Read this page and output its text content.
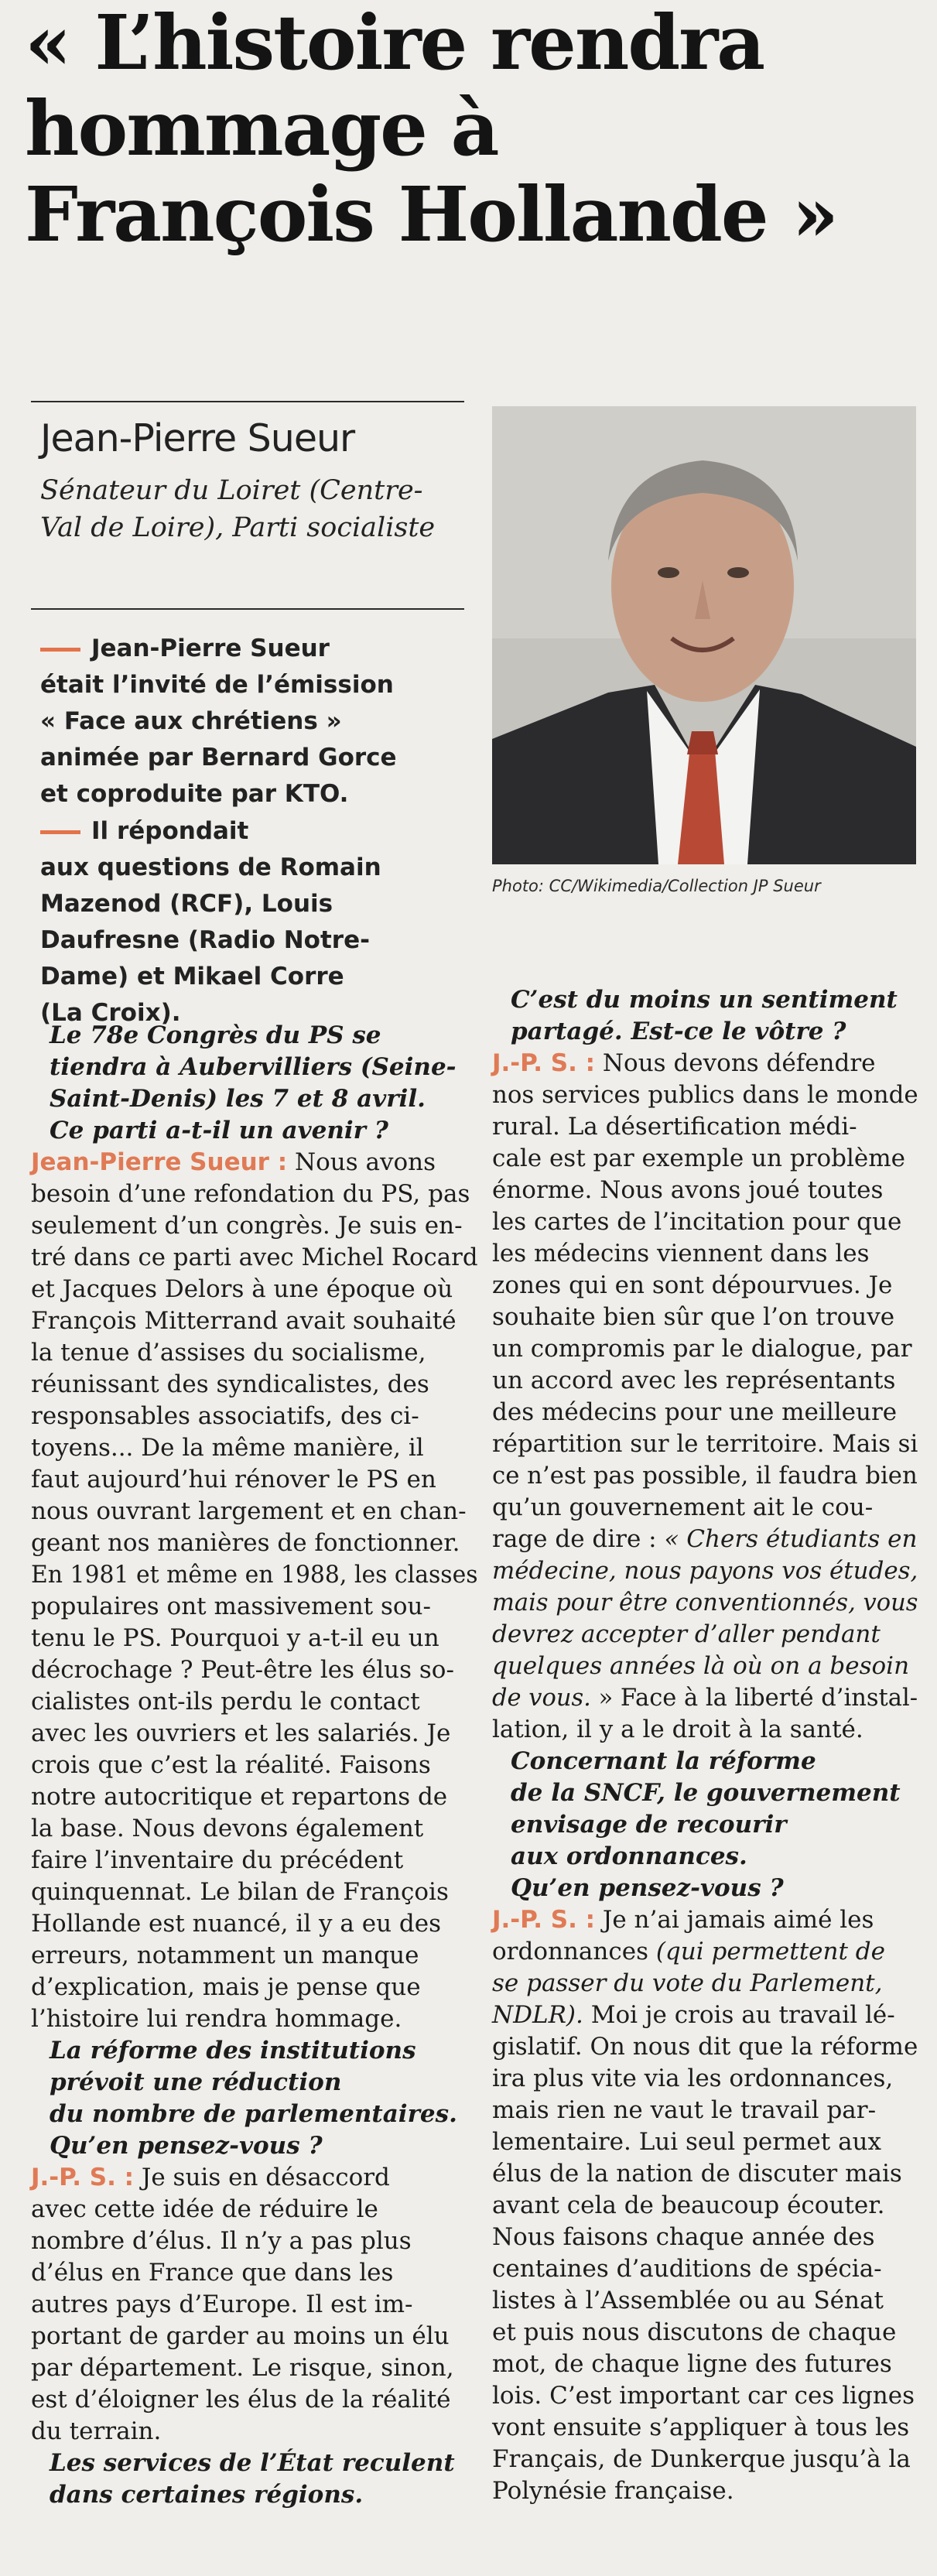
« L’histoire rendra
hommage à
François Hollande »
Jean-Pierre Sueur
Sénateur du Loiret (Centre-
Val de Loire), Parti socialiste
Jean-Pierre Sueur
était l’invité de l’émission
« Face aux chrétiens »
animée par Bernard Gorce
et coproduite par KTO.
Il répondait
aux questions de Romain
Mazenod (RCF), Louis
Daufresne (Radio Notre-
Dame) et Mikael Corre
(La Croix).
Photo: CC/Wikimedia/Collection JP Sueur
Le 78e Congrès du PS se
tiendra à Aubervilliers (Seine-
Saint-Denis) les 7 et 8 avril.
Ce parti a-t-il un avenir ?
Jean-Pierre Sueur : Nous avons
besoin d’une refondation du PS, pas
seulement d’un congrès. Je suis en-
tré dans ce parti avec Michel Rocard
et Jacques Delors à une époque où
François Mitterrand avait souhaité
la tenue d’assises du socialisme,
réunissant des syndicalistes, des
responsables associatifs, des ci-
toyens... De la même manière, il
faut aujourd’hui rénover le PS en
nous ouvrant largement et en chan-
geant nos manières de fonctionner.
En 1981 et même en 1988, les classes
populaires ont massivement sou-
tenu le PS. Pourquoi y a-t-il eu un
décrochage ? Peut-être les élus so-
cialistes ont-ils perdu le contact
avec les ouvriers et les salariés. Je
crois que c’est la réalité. Faisons
notre autocritique et repartons de
la base. Nous devons également
faire l’inventaire du précédent
quinquennat. Le bilan de François
Hollande est nuancé, il y a eu des
erreurs, notamment un manque
d’explication, mais je pense que
l’histoire lui rendra hommage.
La réforme des institutions
prévoit une réduction
du nombre de parlementaires.
Qu’en pensez-vous ?
J.-P. S. : Je suis en désaccord
avec cette idée de réduire le
nombre d’élus. Il n’y a pas plus
d’élus en France que dans les
autres pays d’Europe. Il est im-
portant de garder au moins un élu
par département. Le risque, sinon,
est d’éloigner les élus de la réalité
du terrain.
Les services de l’État reculent
dans certaines régions.
C’est du moins un sentiment
partagé. Est-ce le vôtre ?
J.-P. S. : Nous devons défendre
nos services publics dans le monde
rural. La désertification médi-
cale est par exemple un problème
énorme. Nous avons joué toutes
les cartes de l’incitation pour que
les médecins viennent dans les
zones qui en sont dépourvues. Je
souhaite bien sûr que l’on trouve
un compromis par le dialogue, par
un accord avec les représentants
des médecins pour une meilleure
répartition sur le territoire. Mais si
ce n’est pas possible, il faudra bien
qu’un gouvernement ait le cou-
rage de dire : « Chers étudiants en
médecine, nous payons vos études,
mais pour être conventionnés, vous
devrez accepter d’aller pendant
quelques années là où on a besoin
de vous. » Face à la liberté d’instal-
lation, il y a le droit à la santé.
Concernant la réforme
de la SNCF, le gouvernement
envisage de recourir
aux ordonnances.
Qu’en pensez-vous ?
J.-P. S. : Je n’ai jamais aimé les
ordonnances (qui permettent de
se passer du vote du Parlement,
NDLR). Moi je crois au travail lé-
gislatif. On nous dit que la réforme
ira plus vite via les ordonnances,
mais rien ne vaut le travail par-
lementaire. Lui seul permet aux
élus de la nation de discuter mais
avant cela de beaucoup écouter.
Nous faisons chaque année des
centaines d’auditions de spécia-
listes à l’Assemblée ou au Sénat
et puis nous discutons de chaque
mot, de chaque ligne des futures
lois. C’est important car ces lignes
vont ensuite s’appliquer à tous les
Français, de Dunkerque jusqu’à la
Polynésie française.
